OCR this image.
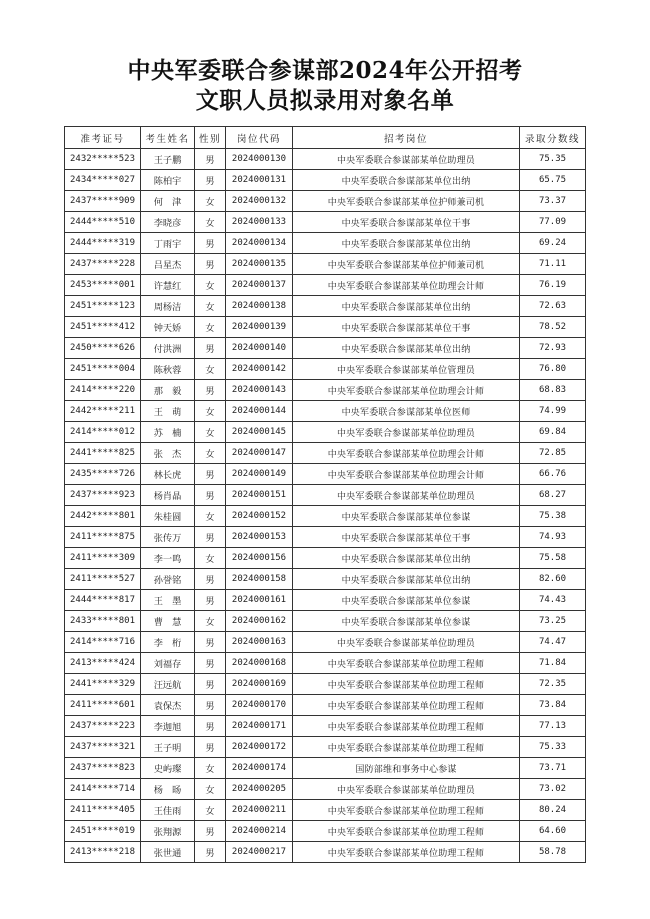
中央军委联合参谋部2024年公开招考
文职人员拟录用对象名单
准考证号	考生姓名	性别	岗位代码	招考岗位	录取分数线
2432*****523	王子鹏	男	2024000130	中央军委联合参谋部某单位助理员	75.35
2434*****027	陈柏宇	男	2024000131	中央军委联合参谋部某单位出纳	65.75
2437*****909	何　津	女	2024000132	中央军委联合参谋部某单位护师兼司机	73.37
2444*****510	李晓彦	女	2024000133	中央军委联合参谋部某单位干事	77.09
2444*****319	丁雨宇	男	2024000134	中央军委联合参谋部某单位出纳	69.24
2437*****228	吕星杰	男	2024000135	中央军委联合参谋部某单位护师兼司机	71.11
2453*****001	许慧红	女	2024000137	中央军委联合参谋部某单位助理会计师	76.19
2451*****123	周杨洁	女	2024000138	中央军委联合参谋部某单位出纳	72.63
2451*****412	钟天娇	女	2024000139	中央军委联合参谋部某单位干事	78.52
2450*****626	付洪洲	男	2024000140	中央军委联合参谋部某单位出纳	72.93
2451*****004	陈秋蓉	女	2024000142	中央军委联合参谋部某单位管理员	76.80
2414*****220	那　毅	男	2024000143	中央军委联合参谋部某单位助理会计师	68.83
2442*****211	王　萌	女	2024000144	中央军委联合参谋部某单位医师	74.99
2414*****012	苏　楠	女	2024000145	中央军委联合参谋部某单位助理员	69.84
2441*****825	张　杰	女	2024000147	中央军委联合参谋部某单位助理会计师	72.85
2435*****726	林长虎	男	2024000149	中央军委联合参谋部某单位助理会计师	66.76
2437*****923	杨肖晶	男	2024000151	中央军委联合参谋部某单位助理员	68.27
2442*****801	朱桂圆	女	2024000152	中央军委联合参谋部某单位参谋	75.38
2411*****875	张传万	男	2024000153	中央军委联合参谋部某单位干事	74.93
2411*****309	李一鸣	女	2024000156	中央军委联合参谋部某单位出纳	75.58
2411*****527	孙誉铭	男	2024000158	中央军委联合参谋部某单位出纳	82.60
2444*****817	王　墨	男	2024000161	中央军委联合参谋部某单位参谋	74.43
2433*****801	曹　慧	女	2024000162	中央军委联合参谋部某单位参谋	73.25
2414*****716	李　桁	男	2024000163	中央军委联合参谋部某单位助理员	74.47
2413*****424	刘福存	男	2024000168	中央军委联合参谋部某单位助理工程师	71.84
2441*****329	汪远航	男	2024000169	中央军委联合参谋部某单位助理工程师	72.35
2411*****601	袁保杰	男	2024000170	中央军委联合参谋部某单位助理工程师	73.84
2437*****223	李迦旭	男	2024000171	中央军委联合参谋部某单位助理工程师	77.13
2437*****321	王子明	男	2024000172	中央军委联合参谋部某单位助理工程师	75.33
2437*****823	史屿璨	女	2024000174	国防部维和事务中心参谋	73.71
2414*****714	杨　旸	女	2024000205	中央军委联合参谋部某单位助理员	73.02
2411*****405	王佳雨	女	2024000211	中央军委联合参谋部某单位助理工程师	80.24
2451*****019	张翔源	男	2024000214	中央军委联合参谋部某单位助理工程师	64.60
2413*****218	张世通	男	2024000217	中央军委联合参谋部某单位助理工程师	58.78
